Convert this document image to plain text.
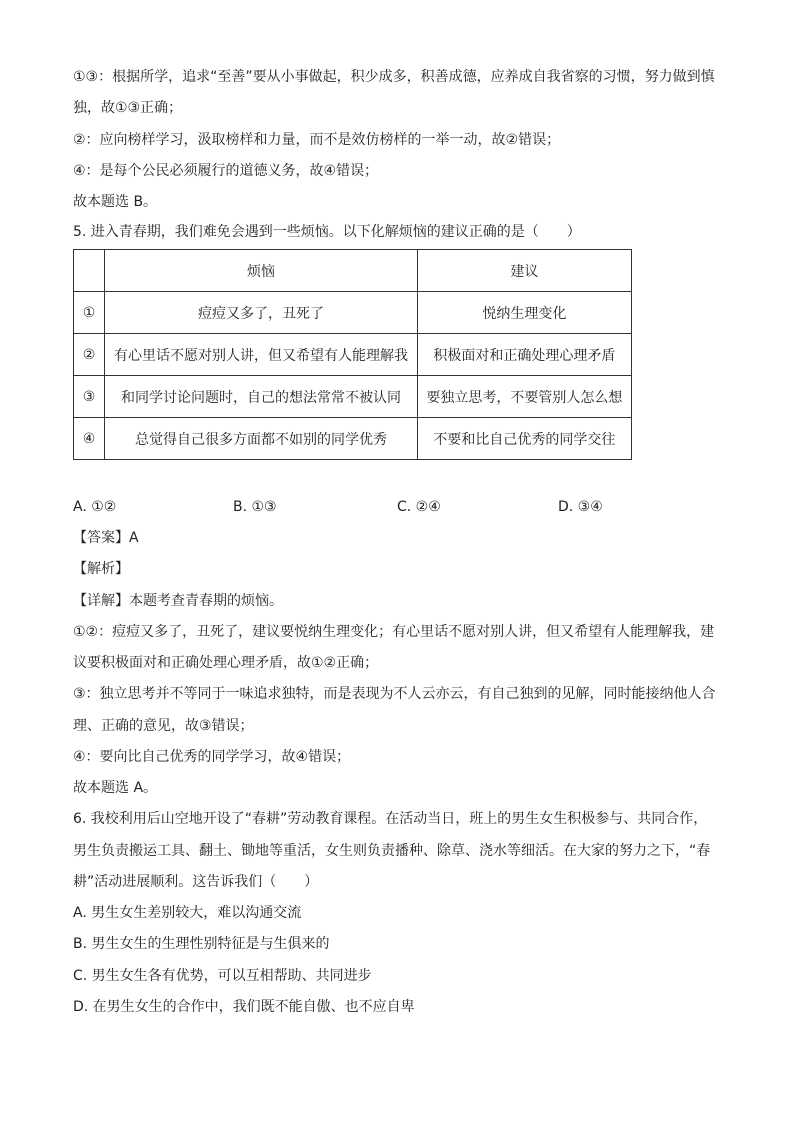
①③：根据所学，追求“至善”要从小事做起，积少成多，积善成德，应养成自我省察的习惯，努力做到慎
独，故①③正确；
②：应向榜样学习，汲取榜样和力量，而不是效仿榜样的一举一动，故②错误；
④：是每个公民必须履行的道德义务，故④错误；
故本题选 B。
5. 进入青春期，我们难免会遇到一些烦恼。以下化解烦恼的建议正确的是（　　）
	烦恼	建议
①	痘痘又多了，丑死了	悦纳生理变化
②	有心里话不愿对别人讲，但又希望有人能理解我	积极面对和正确处理心理矛盾
③	和同学讨论问题时，自己的想法常常不被认同	要独立思考，不要管别人怎么想
④	总觉得自己很多方面都不如别的同学优秀	不要和比自己优秀的同学交往
A. ①②	B. ①③	C. ②④	D. ③④
【答案】A
【解析】
【详解】本题考查青春期的烦恼。
①②：痘痘又多了，丑死了，建议要悦纳生理变化；有心里话不愿对别人讲，但又希望有人能理解我，建
议要积极面对和正确处理心理矛盾，故①②正确；
③：独立思考并不等同于一味追求独特，而是表现为不人云亦云，有自己独到的见解，同时能接纳他人合
理、正确的意见，故③错误；
④：要向比自己优秀的同学学习，故④错误；
故本题选 A。
6. 我校利用后山空地开设了“春耕”劳动教育课程。在活动当日，班上的男生女生积极参与、共同合作，
男生负责搬运工具、翻土、锄地等重活，女生则负责播种、除草、浇水等细活。在大家的努力之下，“春
耕”活动进展顺利。这告诉我们（　　）
A. 男生女生差别较大，难以沟通交流
B. 男生女生的生理性别特征是与生俱来的
C. 男生女生各有优势，可以互相帮助、共同进步
D. 在男生女生的合作中，我们既不能自傲、也不应自卑
